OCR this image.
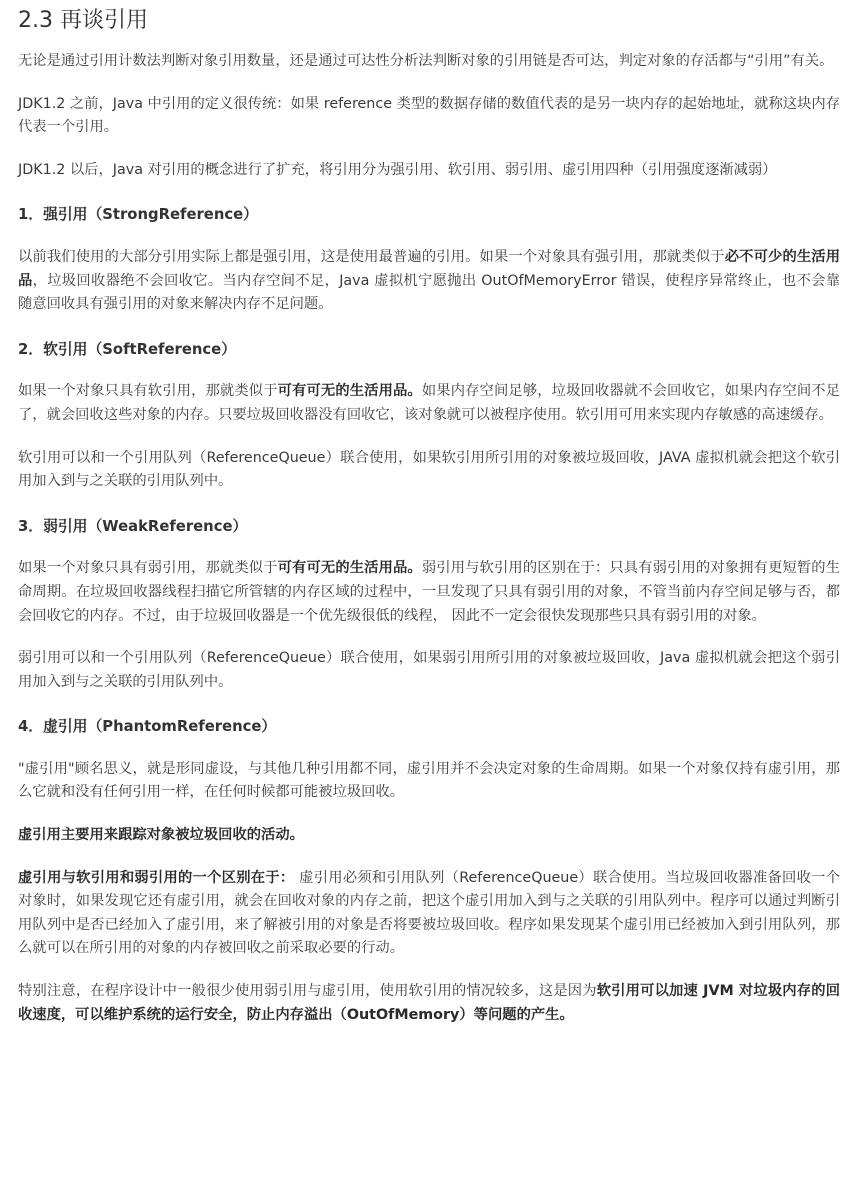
2.3 再谈引用

无论是通过引用计数法判断对象引用数量，还是通过可达性分析法判断对象的引用链是否可达，判定对象的存活都与“引用”有关。

JDK1.2 之前，Java 中引用的定义很传统：如果 reference 类型的数据存储的数值代表的是另一块内存的起始地址，就称这块内存代表一个引用。

JDK1.2 以后，Java 对引用的概念进行了扩充，将引用分为强引用、软引用、弱引用、虚引用四种（引用强度逐渐减弱）

1．强引用（StrongReference）

以前我们使用的大部分引用实际上都是强引用，这是使用最普遍的引用。如果一个对象具有强引用，那就类似于必不可少的生活用品，垃圾回收器绝不会回收它。当内存空间不足，Java 虚拟机宁愿抛出 OutOfMemoryError 错误，使程序异常终止，也不会靠随意回收具有强引用的对象来解决内存不足问题。

2．软引用（SoftReference）

如果一个对象只具有软引用，那就类似于可有可无的生活用品。如果内存空间足够，垃圾回收器就不会回收它，如果内存空间不足了，就会回收这些对象的内存。只要垃圾回收器没有回收它，该对象就可以被程序使用。软引用可用来实现内存敏感的高速缓存。

软引用可以和一个引用队列（ReferenceQueue）联合使用，如果软引用所引用的对象被垃圾回收，JAVA 虚拟机就会把这个软引用加入到与之关联的引用队列中。

3．弱引用（WeakReference）

如果一个对象只具有弱引用，那就类似于可有可无的生活用品。弱引用与软引用的区别在于：只具有弱引用的对象拥有更短暂的生命周期。在垃圾回收器线程扫描它所管辖的内存区域的过程中，一旦发现了只具有弱引用的对象，不管当前内存空间足够与否，都会回收它的内存。不过，由于垃圾回收器是一个优先级很低的线程， 因此不一定会很快发现那些只具有弱引用的对象。

弱引用可以和一个引用队列（ReferenceQueue）联合使用，如果弱引用所引用的对象被垃圾回收，Java 虚拟机就会把这个弱引用加入到与之关联的引用队列中。

4．虚引用（PhantomReference）

"虚引用"顾名思义，就是形同虚设，与其他几种引用都不同，虚引用并不会决定对象的生命周期。如果一个对象仅持有虚引用，那么它就和没有任何引用一样，在任何时候都可能被垃圾回收。

虚引用主要用来跟踪对象被垃圾回收的活动。

虚引用与软引用和弱引用的一个区别在于： 虚引用必须和引用队列（ReferenceQueue）联合使用。当垃圾回收器准备回收一个对象时，如果发现它还有虚引用，就会在回收对象的内存之前，把这个虚引用加入到与之关联的引用队列中。程序可以通过判断引用队列中是否已经加入了虚引用，来了解被引用的对象是否将要被垃圾回收。程序如果发现某个虚引用已经被加入到引用队列，那么就可以在所引用的对象的内存被回收之前采取必要的行动。

特别注意，在程序设计中一般很少使用弱引用与虚引用，使用软引用的情况较多，这是因为软引用可以加速 JVM 对垃圾内存的回收速度，可以维护系统的运行安全，防止内存溢出（OutOfMemory）等问题的产生。
